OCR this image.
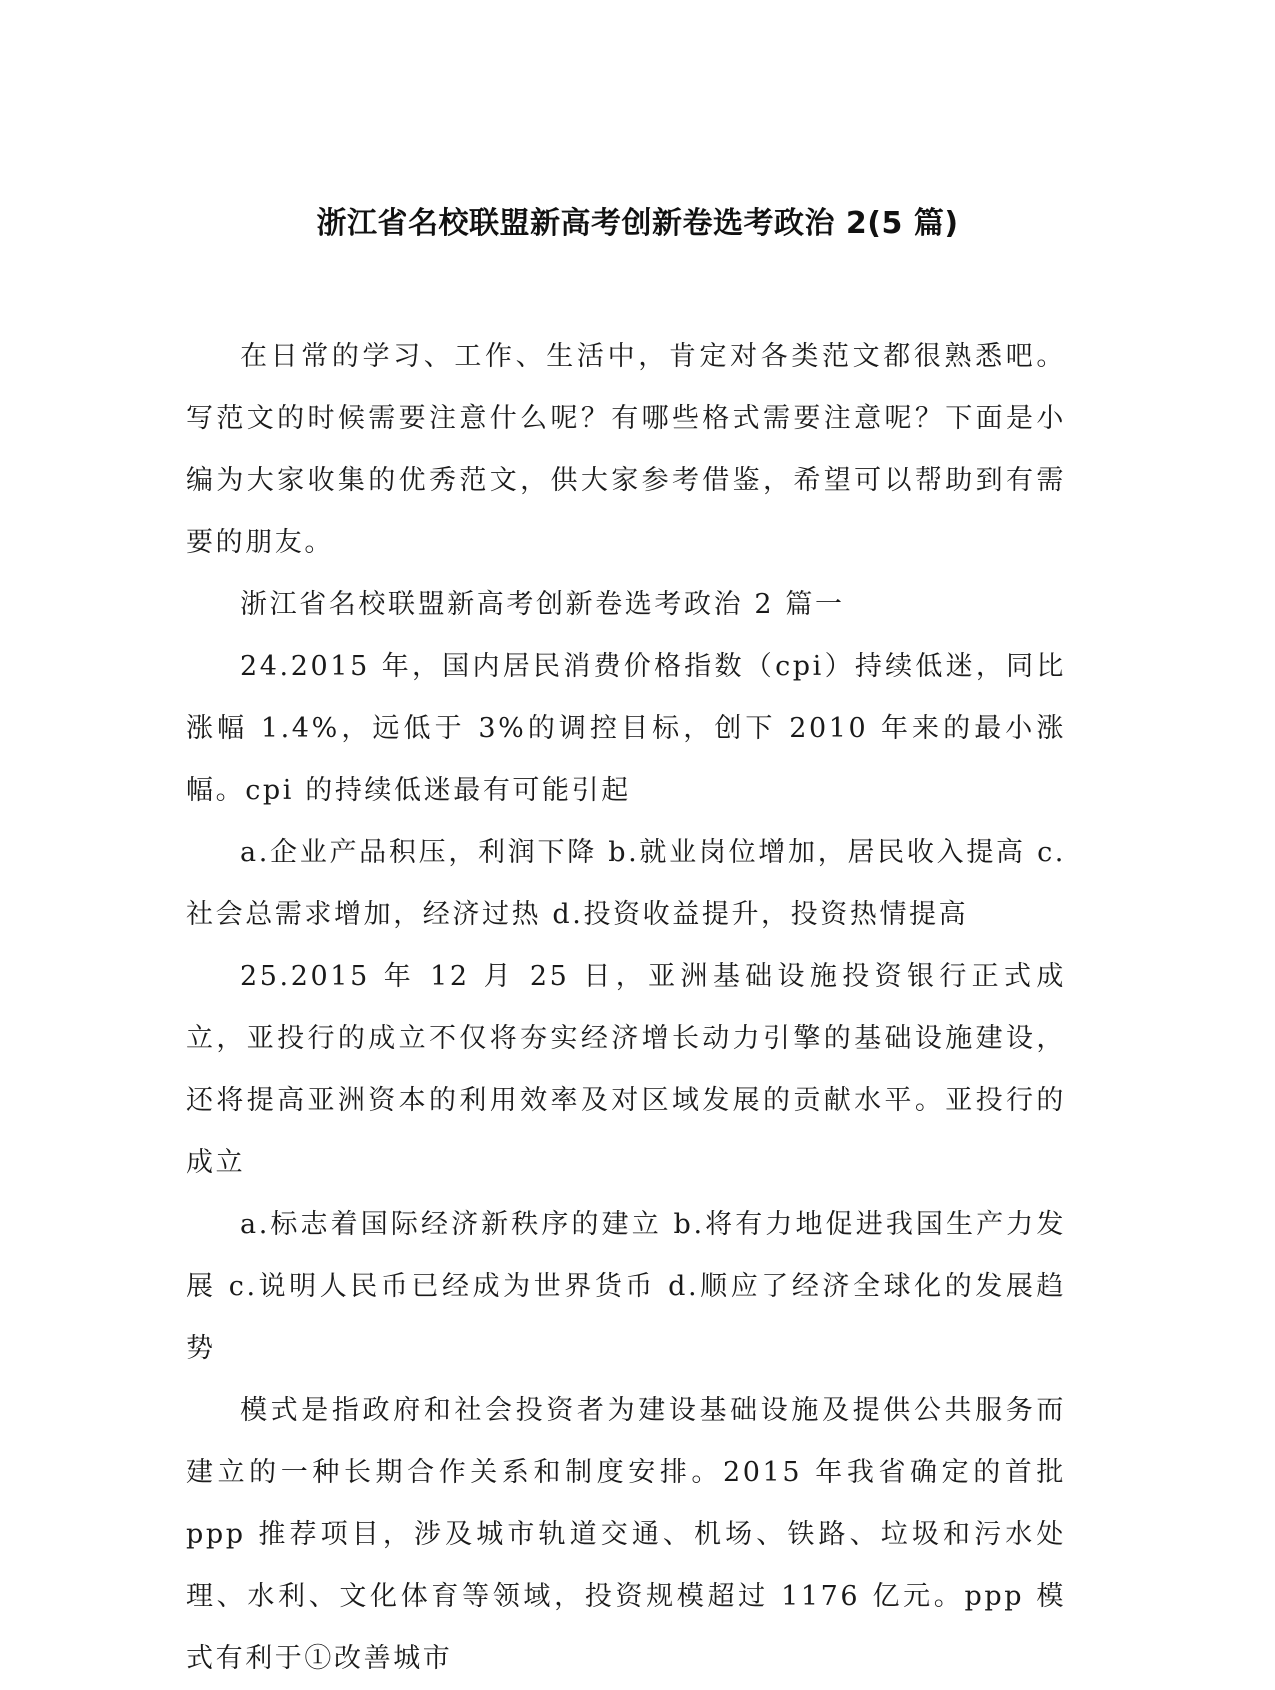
浙江省名校联盟新高考创新卷选考政治 2(5 篇)

在日常的学习、工作、生活中，肯定对各类范文都很熟悉吧。写范文的时候需要注意什么呢？有哪些格式需要注意呢？下面是小编为大家收集的优秀范文，供大家参考借鉴，希望可以帮助到有需要的朋友。

浙江省名校联盟新高考创新卷选考政治 2 篇一

24.2015 年，国内居民消费价格指数（cpi）持续低迷，同比涨幅 1.4%，远低于 3%的调控目标，创下 2010 年来的最小涨幅。cpi 的持续低迷最有可能引起

a.企业产品积压，利润下降 b.就业岗位增加，居民收入提高 c.社会总需求增加，经济过热 d.投资收益提升，投资热情提高

25.2015 年 12 月 25 日，亚洲基础设施投资银行正式成立，亚投行的成立不仅将夯实经济增长动力引擎的基础设施建设，还将提高亚洲资本的利用效率及对区域发展的贡献水平。亚投行的成立

a.标志着国际经济新秩序的建立 b.将有力地促进我国生产力发展 c.说明人民币已经成为世界货币 d.顺应了经济全球化的发展趋势

模式是指政府和社会投资者为建设基础设施及提供公共服务而建立的一种长期合作关系和制度安排。2015 年我省确定的首批 ppp 推荐项目，涉及城市轨道交通、机场、铁路、垃圾和污水处理、水利、文化体育等领域，投资规模超过 1176 亿元。ppp 模式有利于①改善城市
